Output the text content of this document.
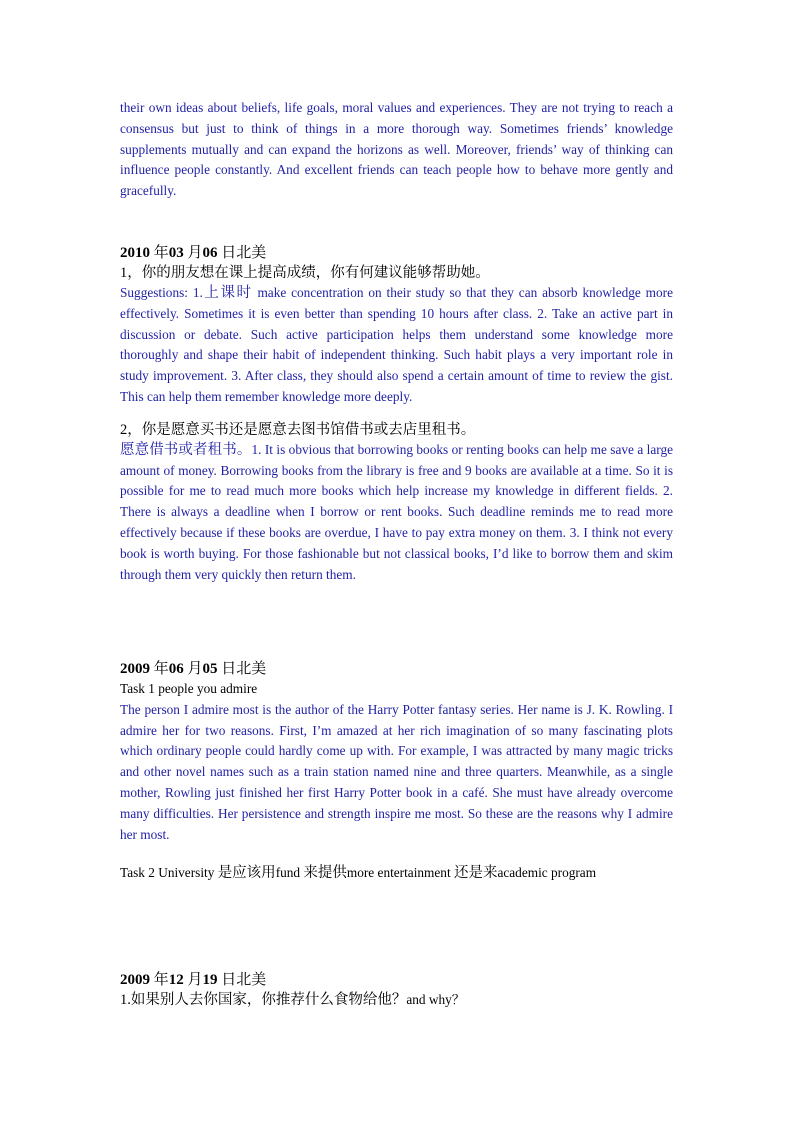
their own ideas about beliefs, life goals, moral values and experiences. They are not trying to reach a consensus but just to think of things in a more thorough way. Sometimes friends’ knowledge supplements mutually and can expand the horizons as well. Moreover, friends’ way of thinking can influence people constantly. And excellent friends can teach people how to behave more gently and gracefully.

2010 年03 月06 日北美

1，你的朋友想在课上提高成绩，你有何建议能够帮助她。

Suggestions: 1.上课时 make concentration on their study so that they can absorb knowledge more effectively. Sometimes it is even better than spending 10 hours after class. 2. Take an active part in discussion or debate. Such active participation helps them understand some knowledge more thoroughly and shape their habit of independent thinking. Such habit plays a very important role in study improvement. 3. After class, they should also spend a certain amount of time to review the gist. This can help them remember knowledge more deeply.

2，你是愿意买书还是愿意去图书馆借书或去店里租书。

愿意借书或者租书。1. It is obvious that borrowing books or renting books can help me save a large amount of money. Borrowing books from the library is free and 9 books are available at a time. So it is possible for me to read much more books which help increase my knowledge in different fields. 2. There is always a deadline when I borrow or rent books. Such deadline reminds me to read more effectively because if these books are overdue, I have to pay extra money on them. 3. I think not every book is worth buying. For those fashionable but not classical books, I’d like to borrow them and skim through them very quickly then return them.

2009 年06 月05 日北美

Task 1 people you admire

The person I admire most is the author of the Harry Potter fantasy series. Her name is J. K. Rowling. I admire her for two reasons. First, I’m amazed at her rich imagination of so many fascinating plots which ordinary people could hardly come up with. For example, I was attracted by many magic tricks and other novel names such as a train station named nine and three quarters. Meanwhile, as a single mother, Rowling just finished her first Harry Potter book in a café. She must have already overcome many difficulties. Her persistence and strength inspire me most. So these are the reasons why I admire her most.

Task 2 University 是应该用fund 来提供more entertainment 还是来academic program

2009 年12 月19 日北美

1.如果别人去你国家，你推荐什么食物给他？and why？
